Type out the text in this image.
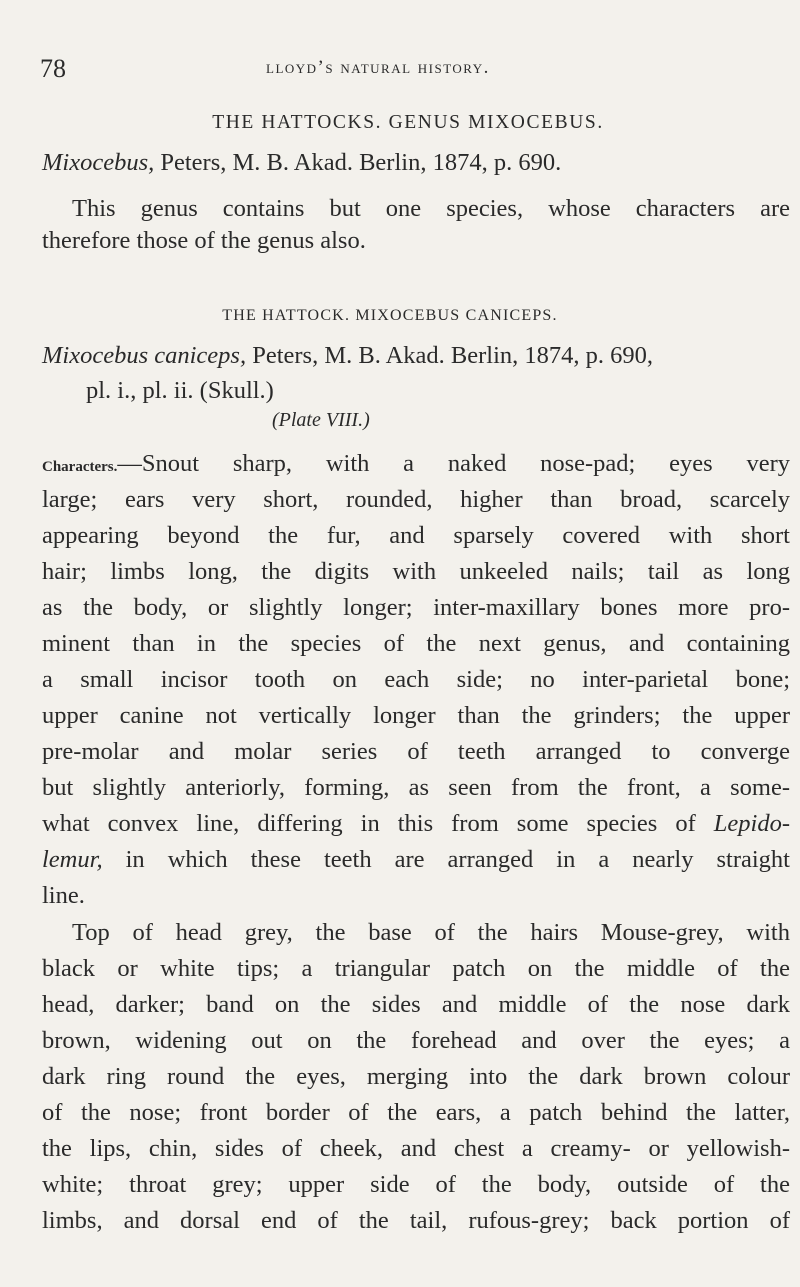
78	lloyd’s natural history.
THE HATTOCKS. GENUS MIXOCEBUS.
Mixocebus, Peters, M. B. Akad. Berlin, 1874, p. 690.
This genus contains but one species, whose characters are
therefore those of the genus also.
THE HATTOCK. MIXOCEBUS CANICEPS.
Mixocebus caniceps, Peters, M. B. Akad. Berlin, 1874, p. 690,
pl. i., pl. ii. (Skull.)
(Plate VIII.)
Characters.—Snout sharp, with a naked nose-pad; eyes very
large; ears very short, rounded, higher than broad, scarcely
appearing beyond the fur, and sparsely covered with short
hair; limbs long, the digits with unkeeled nails; tail as long
as the body, or slightly longer; inter-maxillary bones more pro-
minent than in the species of the next genus, and containing
a small incisor tooth on each side; no inter-parietal bone;
upper canine not vertically longer than the grinders; the upper
pre-molar and molar series of teeth arranged to converge
but slightly anteriorly, forming, as seen from the front, a some-
what convex line, differing in this from some species of Lepido-
lemur, in which these teeth are arranged in a nearly straight
line.
Top of head grey, the base of the hairs Mouse-grey, with
black or white tips; a triangular patch on the middle of the
head, darker; band on the sides and middle of the nose dark
brown, widening out on the forehead and over the eyes; a
dark ring round the eyes, merging into the dark brown colour
of the nose; front border of the ears, a patch behind the latter,
the lips, chin, sides of cheek, and chest a creamy- or yellowish-
white; throat grey; upper side of the body, outside of the
limbs, and dorsal end of the tail, rufous-grey; back portion of
